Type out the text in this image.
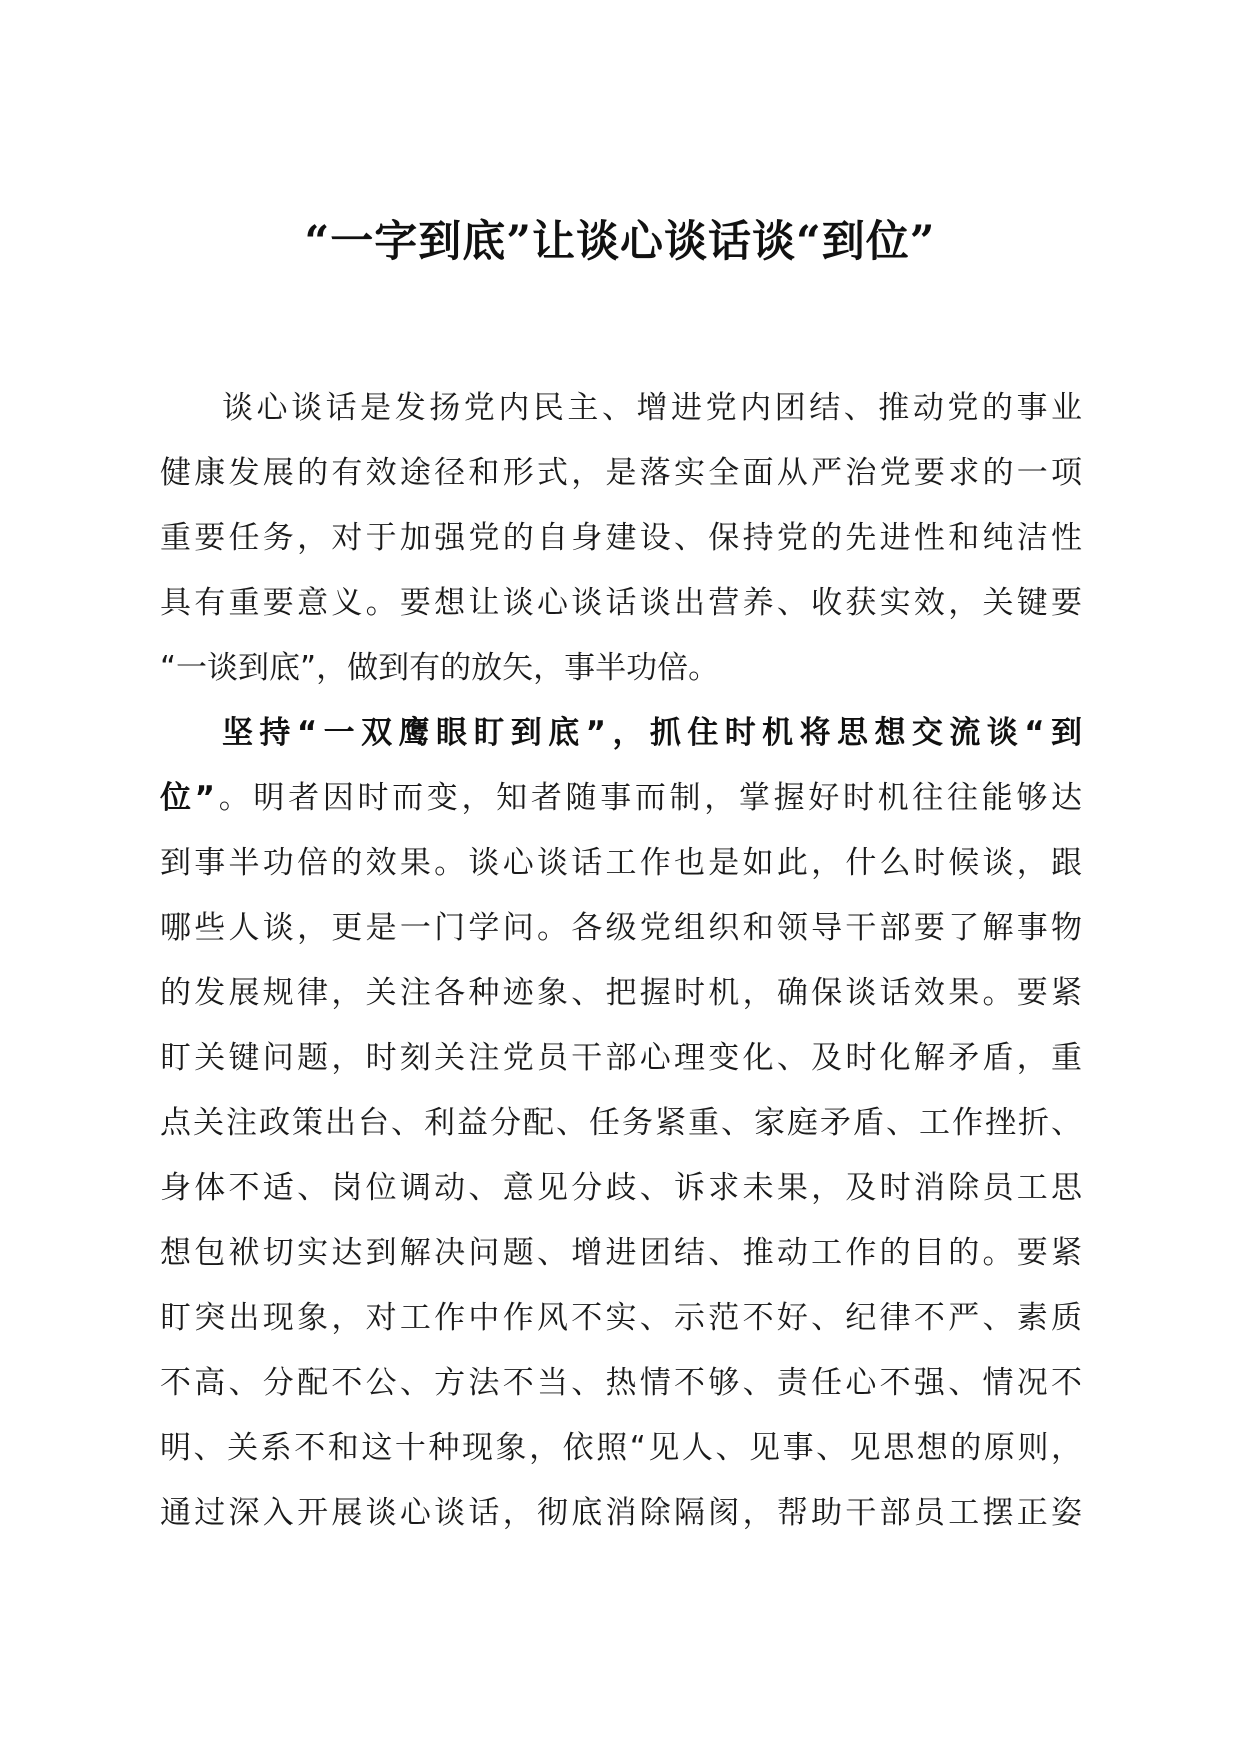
“一字到底”让谈心谈话谈“到位”
谈心谈话是发扬党内民主、增进党内团结、推动党的事业
健康发展的有效途径和形式，是落实全面从严治党要求的一项
重要任务，对于加强党的自身建设、保持党的先进性和纯洁性
具有重要意义。要想让谈心谈话谈出营养、收获实效，关键要
“一谈到底”，做到有的放矢，事半功倍。
坚持“一双鹰眼盯到底”，抓住时机将思想交流谈“到
位”。明者因时而变，知者随事而制，掌握好时机往往能够达
到事半功倍的效果。谈心谈话工作也是如此，什么时候谈，跟
哪些人谈，更是一门学问。各级党组织和领导干部要了解事物
的发展规律，关注各种迹象、把握时机，确保谈话效果。要紧
盯关键问题，时刻关注党员干部心理变化、及时化解矛盾，重
点关注政策出台、利益分配、任务紧重、家庭矛盾、工作挫折、
身体不适、岗位调动、意见分歧、诉求未果，及时消除员工思
想包袱切实达到解决问题、增进团结、推动工作的目的。要紧
盯突出现象，对工作中作风不实、示范不好、纪律不严、素质
不高、分配不公、方法不当、热情不够、责任心不强、情况不
明、关系不和这十种现象，依照“见人、见事、见思想的原则，
通过深入开展谈心谈话，彻底消除隔阂，帮助干部员工摆正姿
